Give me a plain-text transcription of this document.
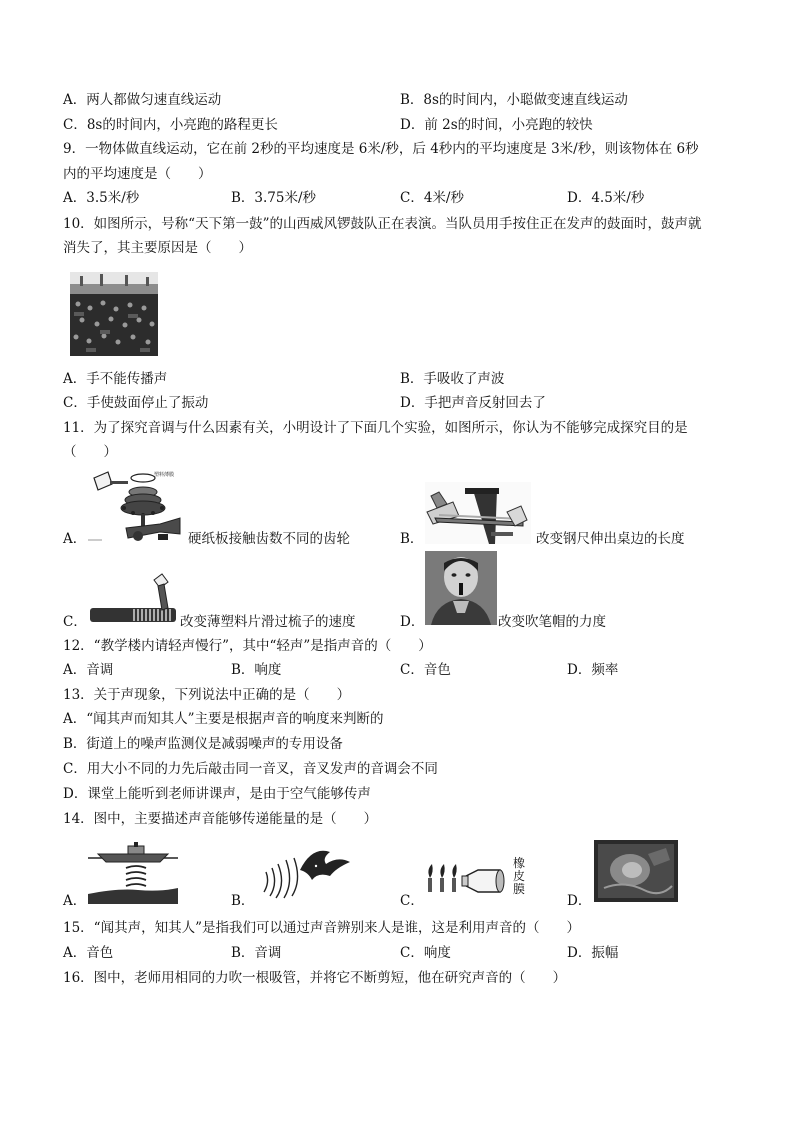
A．两人都做匀速直线运动	B．8s的时间内，小聪做变速直线运动
C．8s的时间内，小亮跑的路程更长	D．前 2s的时间，小亮跑的较快
9．一物体做直线运动，它在前 2秒的平均速度是 6米/秒，后 4秒内的平均速度是 3米/秒，则该物体在 6秒
内的平均速度是（　　）
A．3.5米/秒	B．3.75米/秒	C．4米/秒	D．4.5米/秒
10．如图所示，号称“天下第一鼓”的山西威风锣鼓队正在表演。当队员用手按住正在发声的鼓面时，鼓声就
消失了，其主要原因是（　　）
A．手不能传播声	B．手吸收了声波
C．手使鼓面停止了振动	D．手把声音反射回去了
11．为了探究音调与什么因素有关，小明设计了下面几个实验，如图所示，你认为不能够完成探究目的是
（　　）
A．
塑料薄膜
硬纸板接触齿数不同的齿轮	B．	改变钢尺伸出桌边的长度
C．	改变薄塑料片滑过梳子的速度	D．	改变吹笔帽的力度
12．“教学楼内请轻声慢行”，其中“轻声”是指声音的（　　）
A．音调	B．响度	C．音色	D．频率
13．关于声现象，下列说法中正确的是（　　）
A．“闻其声而知其人”主要是根据声音的响度来判断的
B．街道上的噪声监测仪是减弱噪声的专用设备
C．用大小不同的力先后敲击同一音叉，音叉发声的音调会不同
D．课堂上能听到老师讲课声，是由于空气能够传声
14．图中，主要描述声音能够传递能量的是（　　）
A．	B．	C．
橡
皮
膜
D．
15．“闻其声，知其人”是指我们可以通过声音辨别来人是谁，这是利用声音的（　　）
A．音色	B．音调	C．响度	D．振幅
16．图中，老师用相同的力吹一根吸管，并将它不断剪短，他在研究声音的（　　）
